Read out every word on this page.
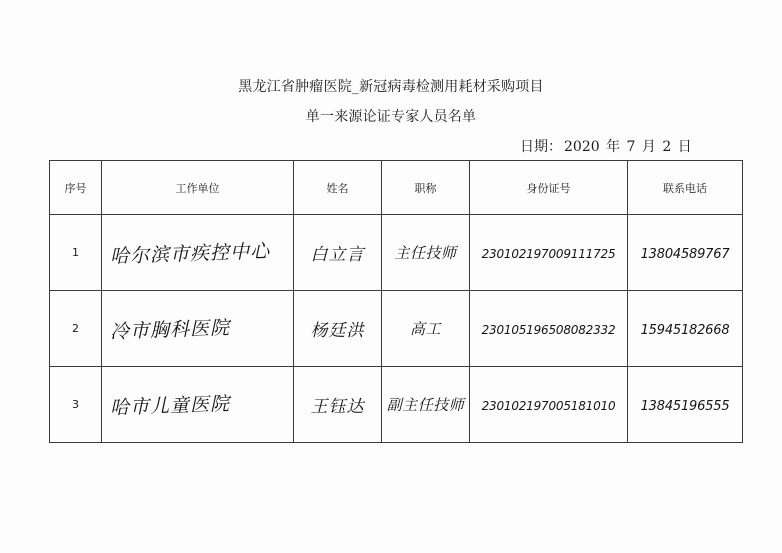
黑龙江省肿瘤医院_新冠病毒检测用耗材采购项目
单一来源论证专家人员名单
日期： 2020 年 7 月 2 日
序号	工作单位	姓名	职称	身份证号	联系电话
1	哈尔滨市疾控中心	白立言	主任技师	230102197009111725	13804589767
2	冷市胸科医院	杨廷洪	高工	230105196508082332	15945182668
3	哈市儿童医院	王钰达	副主任技师	230102197005181010	13845196555
